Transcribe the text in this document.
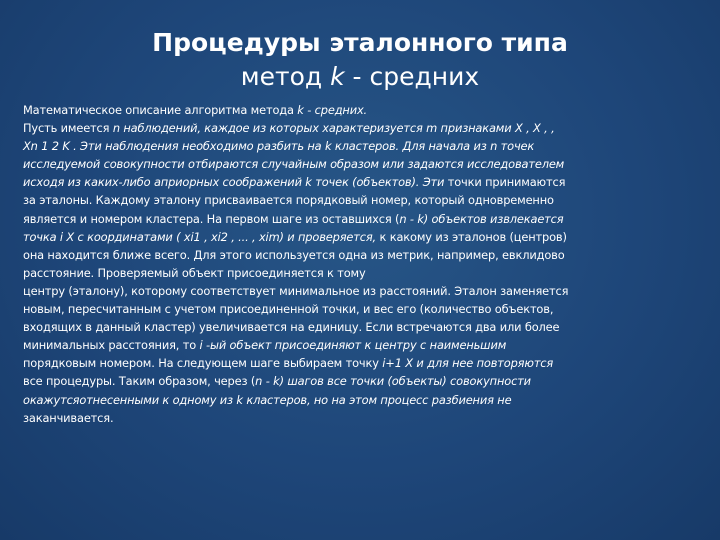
Процедуры эталонного типа
метод k - средних
Математическое описание алгоритма метода k - средних.
Пусть имеется n наблюдений, каждое из которых характеризуется m признаками X , X , ,
Xn 1 2 K . Эти наблюдения необходимо разбить на k кластеров. Для начала из n точек
исследуемой совокупности отбираются случайным образом или задаются исследователем
исходя из каких-либо априорных соображений k точек (объектов). Эти точки принимаются
за эталоны. Каждому эталону присваивается порядковый номер, который одновременно
является и номером кластера. На первом шаге из оставшихся (n - k) объектов извлекается
точка i X с координатами ( xi1 , xi2 , ... , xim) и проверяется, к какому из эталонов (центров)
она находится ближе всего. Для этого используется одна из метрик, например, евклидово
расстояние. Проверяемый объект присоединяется к тому
центру (эталону), которому соответствует минимальное из расстояний. Эталон заменяется
новым, пересчитанным с учетом присоединенной точки, и вес его (количество объектов,
входящих в данный кластер) увеличивается на единицу. Если встречаются два или более
минимальных расстояния, то i -ый объект присоединяют к центру с наименьшим
порядковым номером. На следующем шаге выбираем точку i+1 X и для нее повторяются
все процедуры. Таким образом, через (n - k) шагов все точки (объекты) совокупности
окажутсяотнесенными к одному из k кластеров, но на этом процесс разбиения не
заканчивается.
